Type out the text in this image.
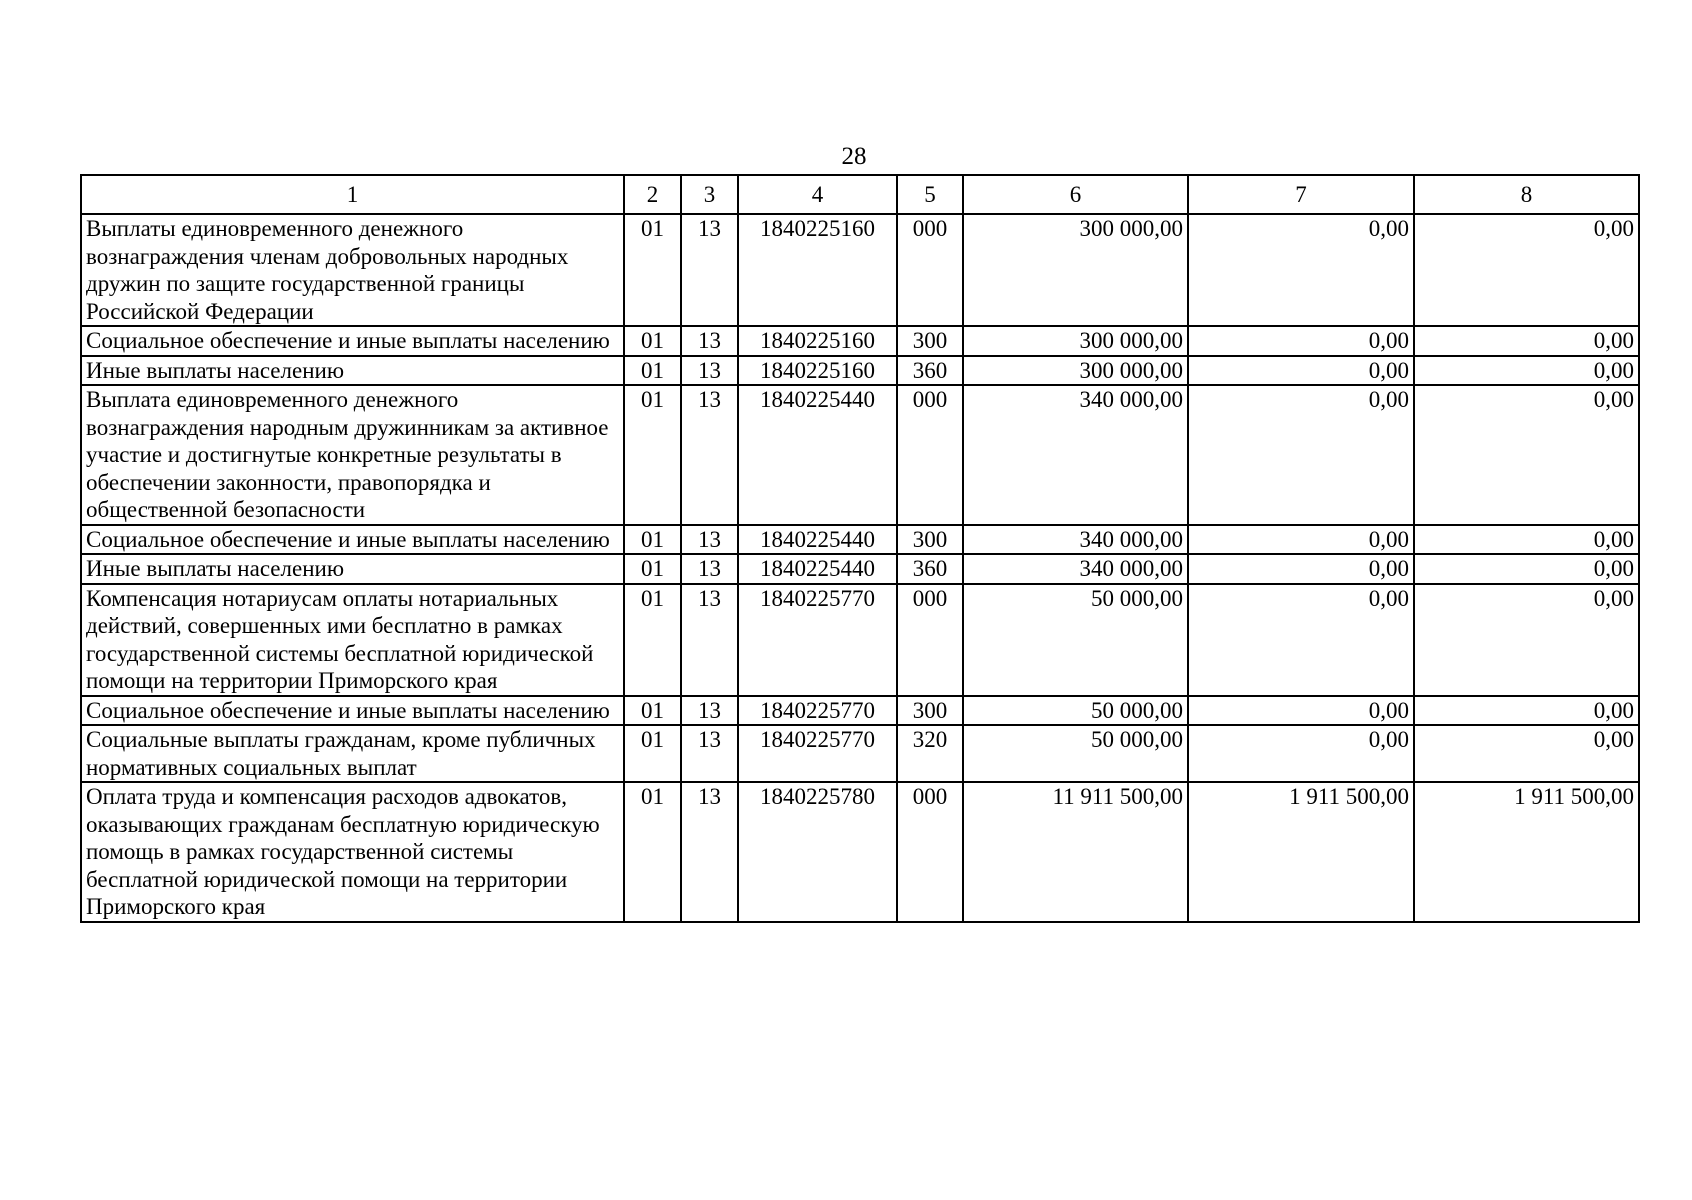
28
1	2	3	4	5	6	7	8
Выплаты единовременного денежного вознаграждения членам добровольных народных дружин по защите государственной границы Российской Федерации	01	13	1840225160	000	300 000,00	0,00	0,00
Социальное обеспечение и иные выплаты населению	01	13	1840225160	300	300 000,00	0,00	0,00
Иные выплаты населению	01	13	1840225160	360	300 000,00	0,00	0,00
Выплата единовременного денежного вознаграждения народным дружинникам за активное участие и достигнутые конкретные результаты в обеспечении законности, правопорядка и общественной безопасности	01	13	1840225440	000	340 000,00	0,00	0,00
Социальное обеспечение и иные выплаты населению	01	13	1840225440	300	340 000,00	0,00	0,00
Иные выплаты населению	01	13	1840225440	360	340 000,00	0,00	0,00
Компенсация нотариусам оплаты нотариальных действий, совершенных ими бесплатно в рамках государственной системы бесплатной юридической помощи на территории Приморского края	01	13	1840225770	000	50 000,00	0,00	0,00
Социальное обеспечение и иные выплаты населению	01	13	1840225770	300	50 000,00	0,00	0,00
Социальные выплаты гражданам, кроме публичных нормативных социальных выплат	01	13	1840225770	320	50 000,00	0,00	0,00
Оплата труда и компенсация расходов адвокатов, оказывающих гражданам бесплатную юридическую помощь в рамках государственной системы бесплатной юридической помощи на территории Приморского края	01	13	1840225780	000	11 911 500,00	1 911 500,00	1 911 500,00
